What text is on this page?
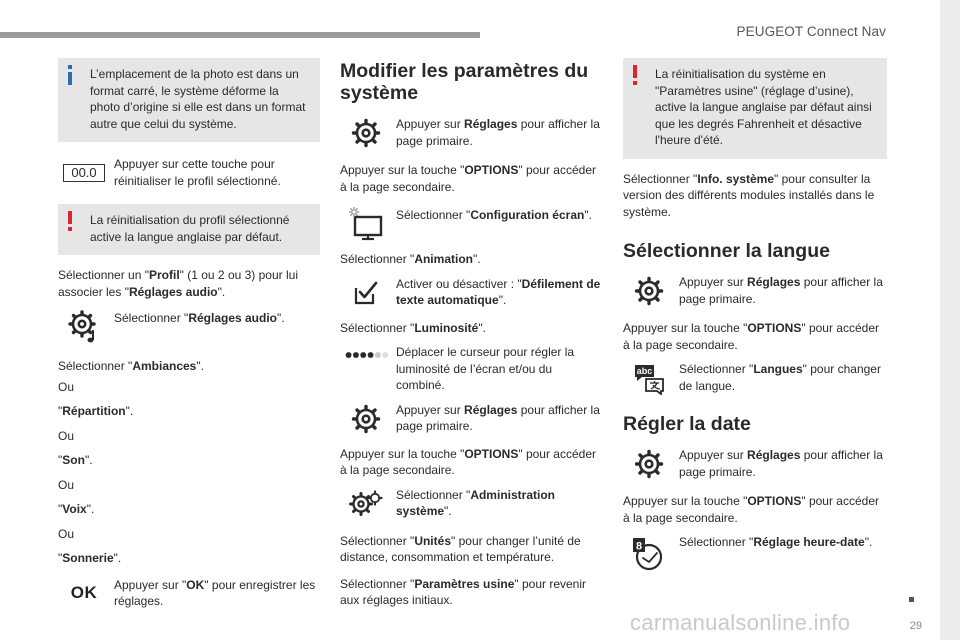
PEUGEOT Connect Nav
L’emplacement de la photo est dans un format carré, le système déforme la photo d’origine si elle est dans un format autre que celui du système.
00.0
Appuyer sur cette touche pour réinitialiser le profil sélectionné.
La réinitialisation du profil sélectionné active la langue anglaise par défaut.

Sélectionner un "Profil" (1 ou 2 ou 3) pour lui associer les "Réglages audio".

Sélectionner "Réglages audio".

Sélectionner "Ambiances".

Ou

"Répartition".

Ou

"Son".

Ou

"Voix".

Ou

"Sonnerie".

OK Appuyer sur "OK" pour enregistrer les réglages.
Modifier les paramètres du système
Appuyer sur Réglages pour afficher la page primaire.

Appuyer sur la touche "OPTIONS" pour accéder à la page secondaire.

Sélectionner "Configuration écran".

Sélectionner "Animation".

Activer ou désactiver : "Défilement de texte automatique".

Sélectionner "Luminosité".

Déplacer le curseur pour régler la luminosité de l’écran et/ou du combiné.
Appuyer sur Réglages pour afficher la page primaire.

Appuyer sur la touche "OPTIONS" pour accéder à la page secondaire.

Sélectionner "Administration système".

Sélectionner "Unités" pour changer l’unité de distance, consommation et température.

Sélectionner "Paramètres usine" pour revenir aux réglages initiaux.

La réinitialisation du système en "Paramètres usine" (réglage d’usine), active la langue anglaise par défaut ainsi que les degrés Fahrenheit et désactive l'heure d'été.

Sélectionner "Info. système" pour consulter la version des différents modules installés dans le système.

Sélectionner la langue
Appuyer sur Réglages pour afficher la page primaire.

Appuyer sur la touche "OPTIONS" pour accéder à la page secondaire.

abc Sélectionner "Langues" pour changer de langue.
Régler la date
Appuyer sur Réglages pour afficher la page primaire.

Appuyer sur la touche "OPTIONS" pour accéder à la page secondaire.

8	Sélectionner "Réglage heure-date".
29
carmanualsonline.info
